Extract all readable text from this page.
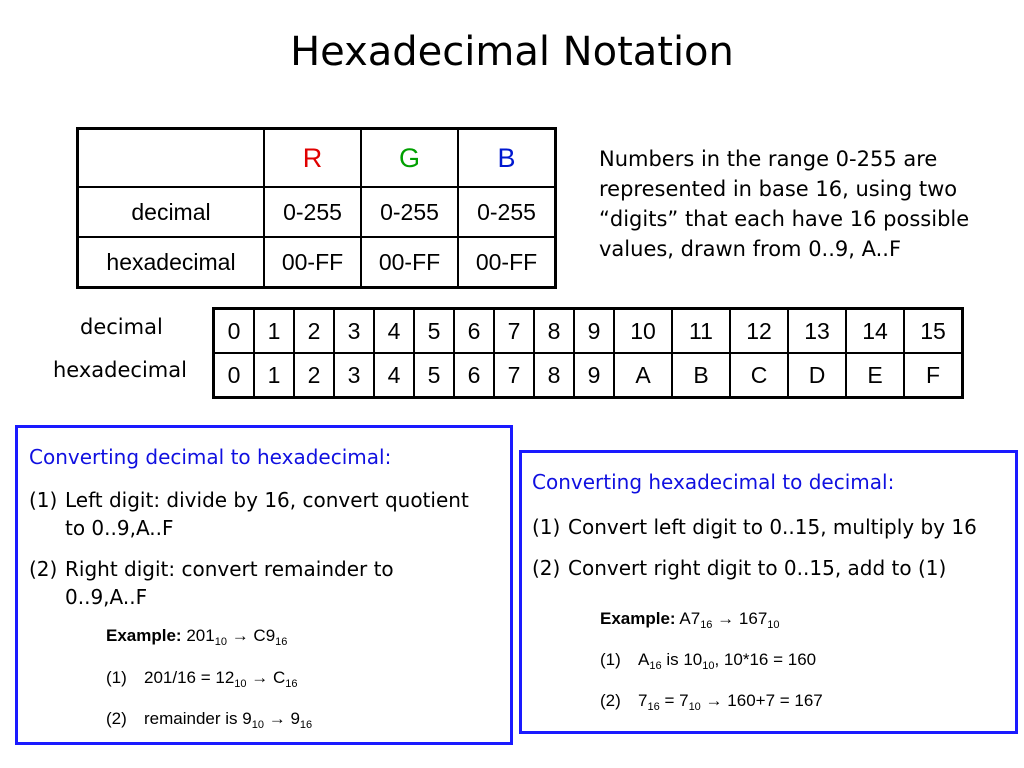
Hexadecimal Notation
	R	G	B
decimal	0-255	0-255	0-255
hexadecimal	00-FF	00-FF	00-FF
Numbers in the range 0-255 are represented in base 16, using two “digits” that each have 16 possible values, drawn from 0..9, A..F
decimal
hexadecimal
0	1	2	3	4	5	6	7	8	9	10	11	12	13	14	15
0	1	2	3	4	5	6	7	8	9	A	B	C	D	E	F
Converting decimal to hexadecimal:
(1) Left digit: divide by 16, convert quotient
to 0..9,A..F
(2) Right digit: convert remainder to
0..9,A..F
Example: $201_{10} \to C9_{16}$
(1) $201/16 = 12_{10} \to C_{16}$
(2) remainder is $9_{10} \to 9_{16}$
Converting hexadecimal to decimal:
(1) Convert left digit to 0..15, multiply by 16
(2) Convert right digit to 0..15, add to (1)
Example: $A7_{16} \to 167_{10}$
(1) $A_{16}$ is $10_{10}$, 10*16 = 160
(2) $7_{16} = 7_{10} \to 160+7 = 167$
